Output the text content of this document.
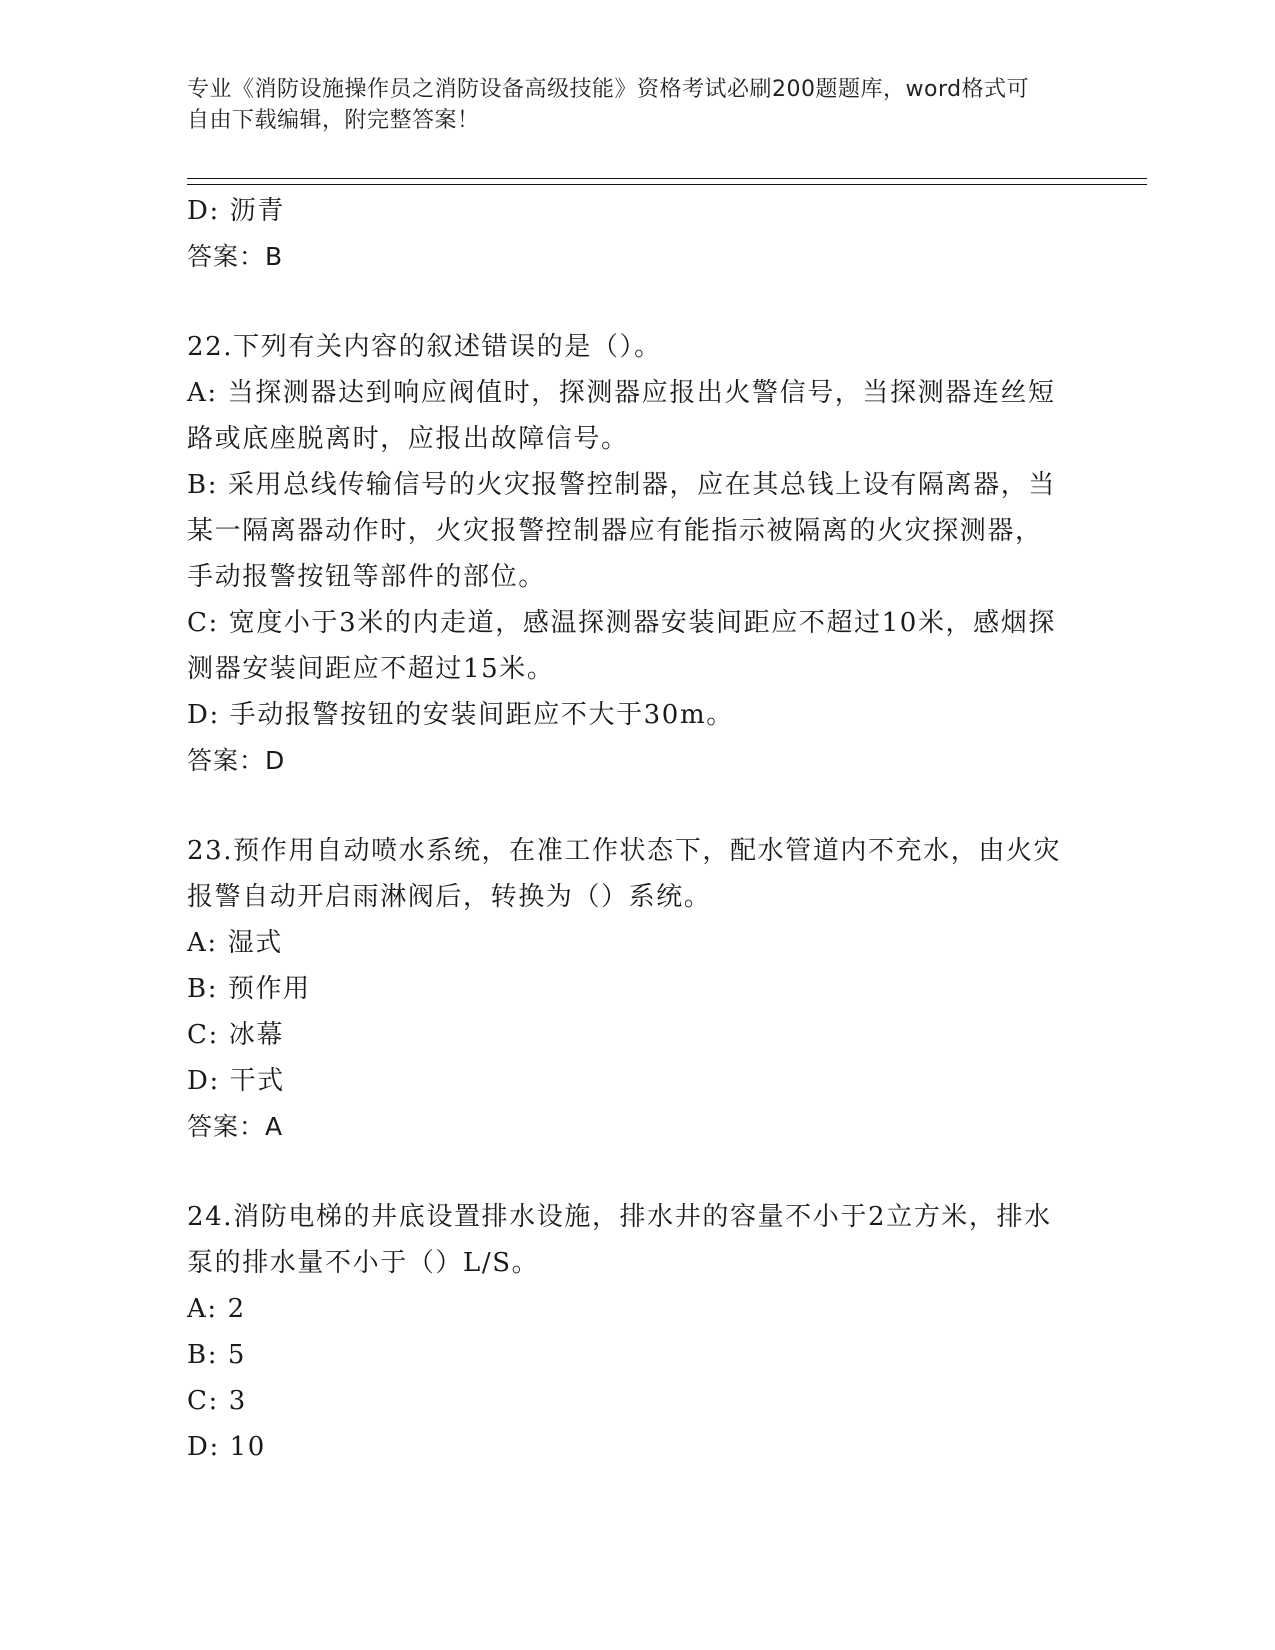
专业《消防设施操作员之消防设备高级技能》资格考试必刷200题题库，word格式可自由下载编辑，附完整答案！

D: 沥青

答案：B

22.下列有关内容的叙述错误的是（）。

A: 当探测器达到响应阀值时，探测器应报出火警信号，当探测器连丝短路或底座脱离时，应报出故障信号。

B: 采用总线传输信号的火灾报警控制器，应在其总钱上设有隔离器，当某一隔离器动作时，火灾报警控制器应有能指示被隔离的火灾探测器，手动报警按钮等部件的部位。

C: 宽度小于3米的内走道，感温探测器安装间距应不超过10米，感烟探测器安装间距应不超过15米。

D: 手动报警按钮的安装间距应不大于30m。

答案：D

23.预作用自动喷水系统，在准工作状态下，配水管道内不充水，由火灾报警自动开启雨淋阀后，转换为（）系统。

A: 湿式

B: 预作用

C: 冰幕

D: 干式

答案：A

24.消防电梯的井底设置排水设施，排水井的容量不小于2立方米，排水泵的排水量不小于（）L/S。

A: 2

B: 5

C: 3

D: 10
